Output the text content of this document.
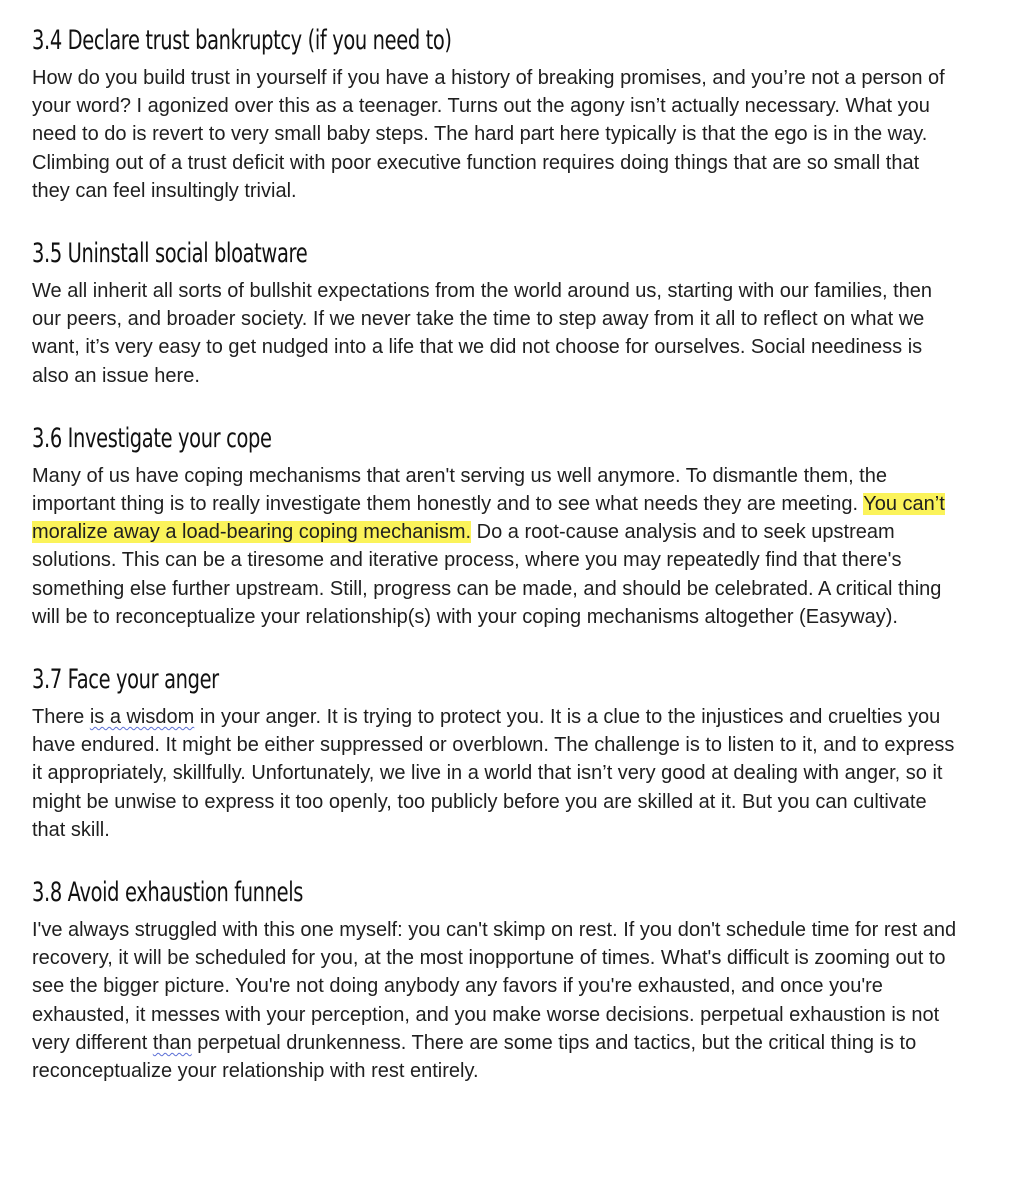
3.4 Declare trust bankruptcy (if you need to)

How do you build trust in yourself if you have a history of breaking promises, and you’re not a person of your word? I agonized over this as a teenager. Turns out the agony isn’t actually necessary. What you need to do is revert to very small baby steps. The hard part here typically is that the ego is in the way. Climbing out of a trust deficit with poor executive function requires doing things that are so small that they can feel insultingly trivial.

3.5 Uninstall social bloatware

We all inherit all sorts of bullshit expectations from the world around us, starting with our families, then our peers, and broader society. If we never take the time to step away from it all to reflect on what we want, it’s very easy to get nudged into a life that we did not choose for ourselves. Social neediness is also an issue here.

3.6 Investigate your cope

Many of us have coping mechanisms that aren't serving us well anymore. To dismantle them, the important thing is to really investigate them honestly and to see what needs they are meeting. You can’t moralize away a load-bearing coping mechanism. Do a root-cause analysis and to seek upstream solutions. This can be a tiresome and iterative process, where you may repeatedly find that there's something else further upstream. Still, progress can be made, and should be celebrated. A critical thing will be to reconceptualize your relationship(s) with your coping mechanisms altogether (Easyway).

3.7 Face your anger

There is a wisdom in your anger. It is trying to protect you. It is a clue to the injustices and cruelties you have endured. It might be either suppressed or overblown. The challenge is to listen to it, and to express it appropriately, skillfully. Unfortunately, we live in a world that isn’t very good at dealing with anger, so it might be unwise to express it too openly, too publicly before you are skilled at it. But you can cultivate that skill.

3.8 Avoid exhaustion funnels

I've always struggled with this one myself: you can't skimp on rest. If you don't schedule time for rest and recovery, it will be scheduled for you, at the most inopportune of times. What's difficult is zooming out to see the bigger picture. You're not doing anybody any favors if you're exhausted, and once you're exhausted, it messes with your perception, and you make worse decisions. perpetual exhaustion is not very different than perpetual drunkenness. There are some tips and tactics, but the critical thing is to reconceptualize your relationship with rest entirely.
